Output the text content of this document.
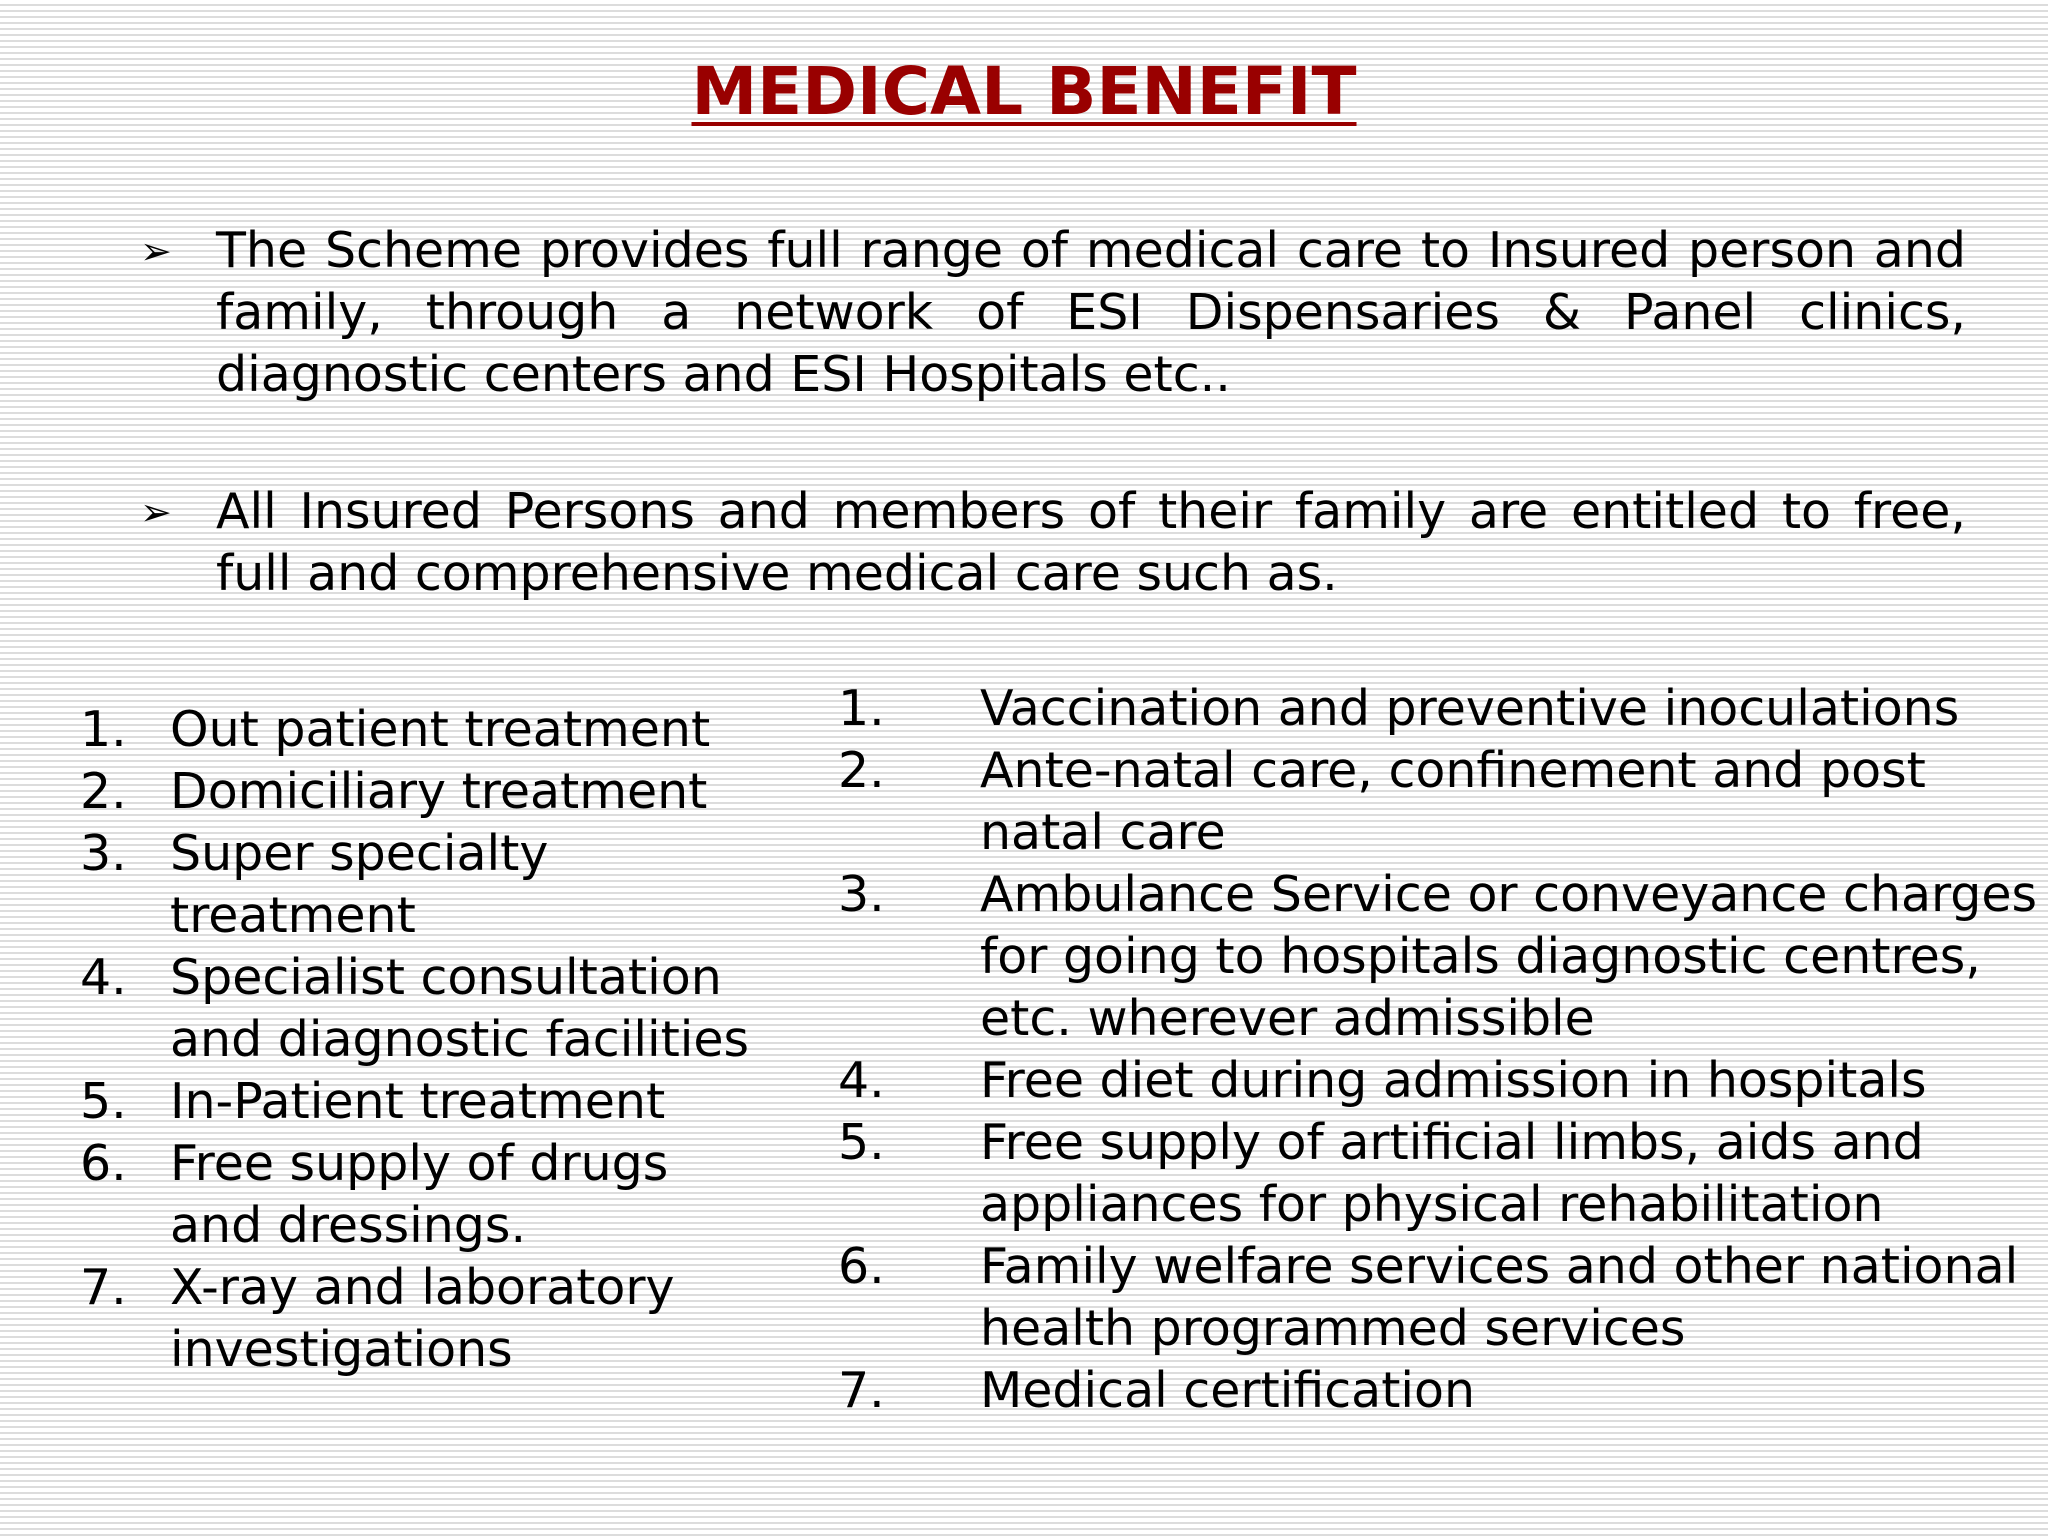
MEDICAL BENEFIT
➢ The Scheme provides full range of medical care to Insured person and family, through a network of ESI Dispensaries & Panel clinics, diagnostic centers and ESI Hospitals etc..
➢ All Insured Persons and members of their family are entitled to free, full and comprehensive medical care such as.
1. Out patient treatment
2. Domiciliary treatment
3. Super specialty treatment
4. Specialist consultation and diagnostic facilities
5. In-Patient treatment
6. Free supply of drugs and dressings.
7. X-ray and laboratory investigations
1. Vaccination and preventive inoculations
2. Ante-natal care, confinement and post natal care
3. Ambulance Service or conveyance charges for going to hospitals diagnostic centres, etc. wherever admissible
4. Free diet during admission in hospitals
5. Free supply of artificial limbs, aids and appliances for physical rehabilitation
6. Family welfare services and other national health programmed services
7. Medical certification
